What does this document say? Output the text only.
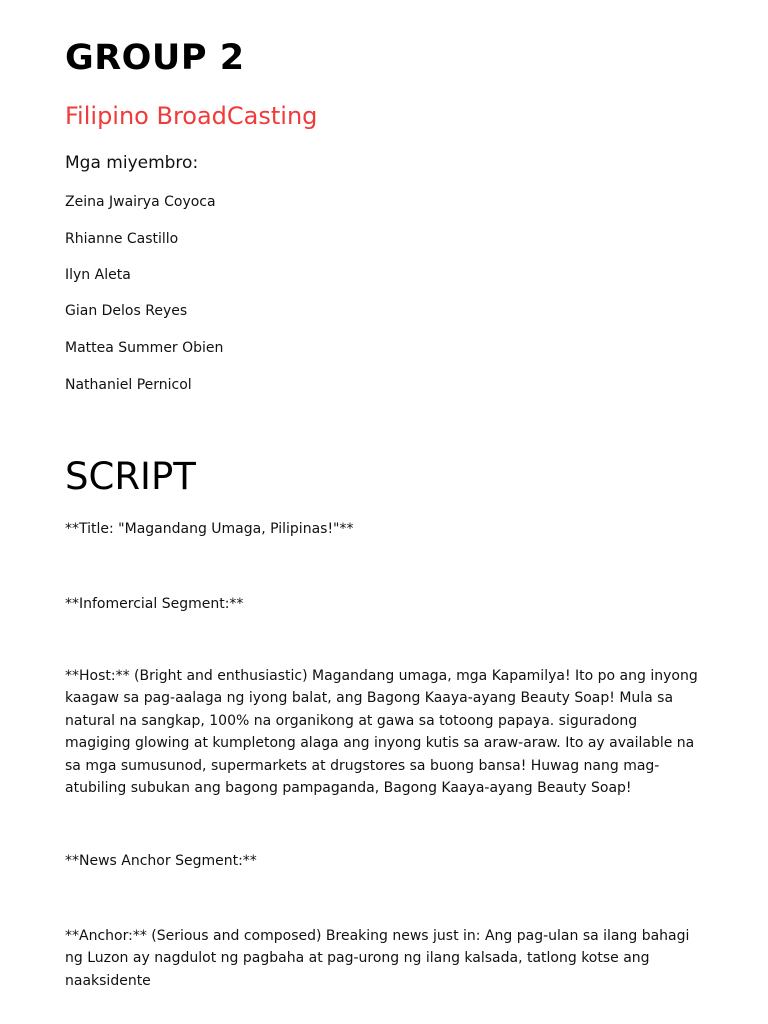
GROUP 2
Filipino BroadCasting

Mga miyembro:

Zeina Jwairya Coyoca

Rhianne Castillo

Ilyn Aleta

Gian Delos Reyes

Mattea Summer Obien

Nathaniel Pernicol

SCRIPT

**Title: "Magandang Umaga, Pilipinas!"**

**Infomercial Segment:**

**Host:** (Bright and enthusiastic) Magandang umaga, mga Kapamilya! Ito po ang inyong kaagaw sa pag-aalaga ng iyong balat, ang Bagong Kaaya-ayang Beauty Soap! Mula sa natural na sangkap, 100% na organikong at gawa sa totoong papaya. siguradong magiging glowing at kumpletong alaga ang inyong kutis sa araw-araw. Ito ay available na sa mga sumusunod, supermarkets at drugstores sa buong bansa! Huwag nang mag-atubiling subukan ang bagong pampaganda, Bagong Kaaya-ayang Beauty Soap!

**News Anchor Segment:**

**Anchor:** (Serious and composed) Breaking news just in: Ang pag-ulan sa ilang bahagi ng Luzon ay nagdulot ng pagbaha at pag-urong ng ilang kalsada, tatlong kotse ang naaksidente
